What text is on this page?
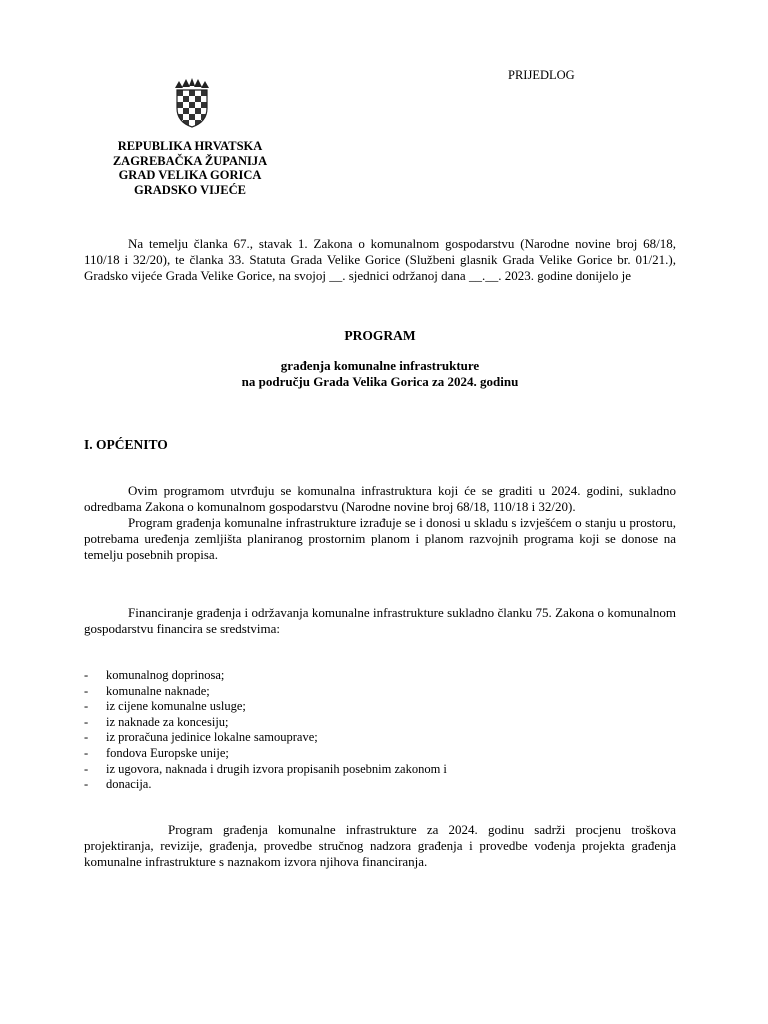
PRIJEDLOG
REPUBLIKA HRVATSKA
ZAGREBAČKA ŽUPANIJA
GRAD VELIKA GORICA
GRADSKO VIJEĆE
Na temelju članka 67., stavak 1. Zakona o komunalnom gospodarstvu (Narodne novine broj 68/18, 110/18 i 32/20), te članka 33. Statuta Grada Velike Gorice (Službeni glasnik Grada Velike Gorice br. 01/21.), Gradsko vijeće Grada Velike Gorice, na svojoj __. sjednici održanoj dana __.__. 2023. godine donijelo je
PROGRAM
građenja komunalne infrastrukture
na području Grada Velika Gorica za 2024. godinu
I. OPĆENITO
Ovim programom utvrđuju se komunalna infrastruktura koji će se graditi u 2024. godini, sukladno odredbama Zakona o komunalnom gospodarstvu (Narodne novine broj 68/18, 110/18 i 32/20).
Program građenja komunalne infrastrukture izrađuje se i donosi u skladu s izvješćem o stanju u prostoru, potrebama uređenja zemljišta planiranog prostornim planom i planom razvojnih programa koji se donose na temelju posebnih propisa.
Financiranje građenja i održavanja komunalne infrastrukture sukladno članku 75. Zakona o komunalnom gospodarstvu financira se sredstvima:
-	komunalnog doprinosa;
-	komunalne naknade;
-	iz cijene komunalne usluge;
-	iz naknade za koncesiju;
-	iz proračuna jedinice lokalne samouprave;
-	fondova Europske unije;
-	iz ugovora, naknada i drugih izvora propisanih posebnim zakonom i
-	donacija.
Program građenja komunalne infrastrukture za 2024. godinu sadrži procjenu troškova projektiranja, revizije, građenja, provedbe stručnog nadzora građenja i provedbe vođenja projekta građenja komunalne infrastrukture s naznakom izvora njihova financiranja.
